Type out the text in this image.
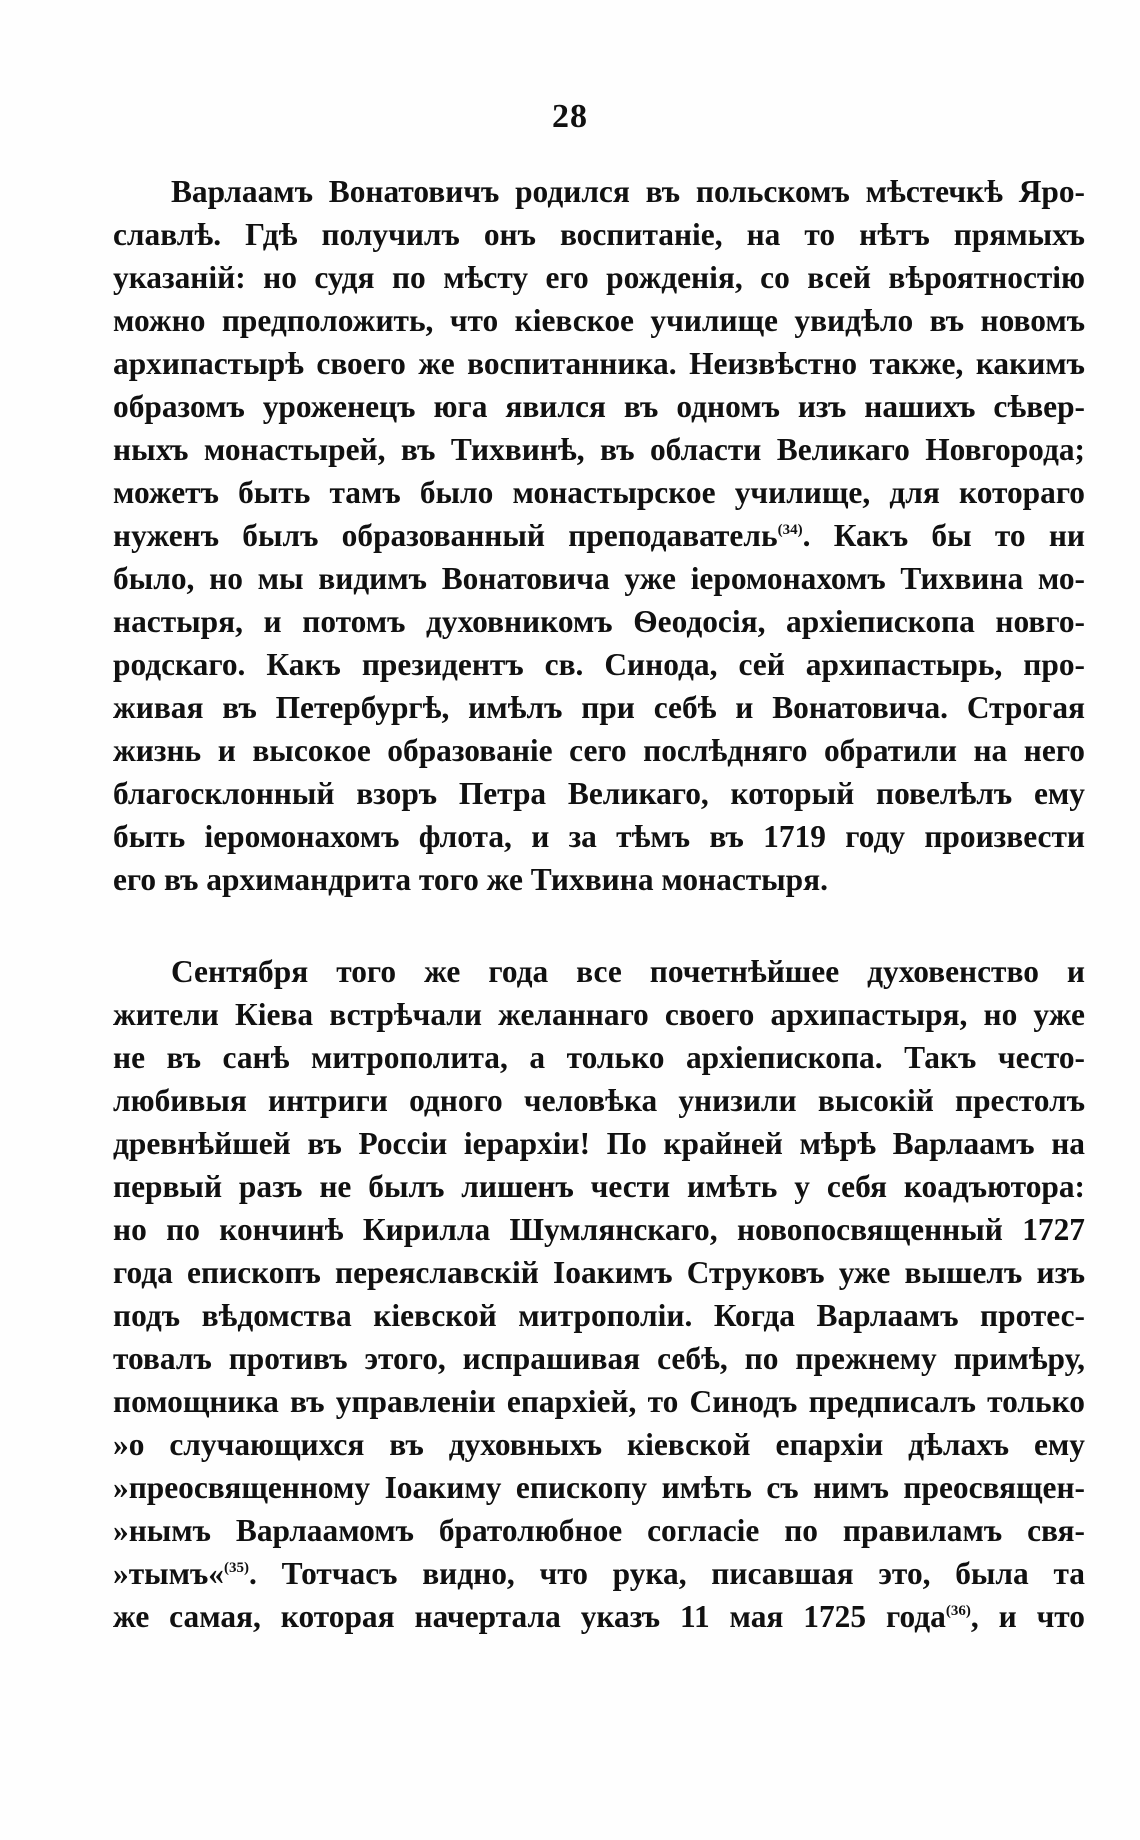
28
Варлаамъ Вонатовичъ родился въ польскомъ мѣстечкѣ Яро-
славлѣ. Гдѣ получилъ онъ воспитаніе, на то нѣтъ прямыхъ
указаній: но судя по мѣсту его рожденія, со всей вѣроятностію
можно предположить, что кіевское училище увидѣло въ новомъ
архипастырѣ своего же воспитанника. Неизвѣстно также, какимъ
образомъ уроженецъ юга явился въ одномъ изъ нашихъ сѣвер-
ныхъ монастырей, въ Тихвинѣ, въ области Великаго Новгорода;
можетъ быть тамъ было монастырское училище, для котораго
нуженъ былъ образованный преподаватель$^{(34)}$. Какъ бы то ни
было, но мы видимъ Вонатовича уже іеромонахомъ Тихвина мо-
настыря, и потомъ духовникомъ Ѳеодосія, архіепископа новго-
родскаго. Какъ президентъ св. Синода, сей архипастырь, про-
живая въ Петербургѣ, имѣлъ при себѣ и Вонатовича. Строгая
жизнь и высокое образованіе сего послѣдняго обратили на него
благосклонный взоръ Петра Великаго, который повелѣлъ ему
быть іеромонахомъ флота, и за тѣмъ въ 1719 году произвести
его въ архимандрита того же Тихвина монастыря.
Сентября того же года все почетнѣйшее духовенство и
жители Кіева встрѣчали желаннаго своего архипастыря, но уже
не въ санѣ митрополита, а только архіепископа. Такъ често-
любивыя интриги одного человѣка унизили высокій престолъ
древнѣйшей въ Россіи іерархіи! По крайней мѣрѣ Варлаамъ на
первый разъ не былъ лишенъ чести имѣть у себя коадъютора:
но по кончинѣ Кирилла Шумлянскаго, новопосвященный 1727
года епископъ переяславскій Іоакимъ Струковъ уже вышелъ изъ
подъ вѣдомства кіевской митрополіи. Когда Варлаамъ протес-
товалъ противъ этого, испрашивая себѣ, по прежнему примѣру,
помощника въ управленіи епархіей, то Синодъ предписалъ только
»о случающихся въ духовныхъ кіевской епархіи дѣлахъ ему
»преосвященному Іоакиму епископу имѣть съ нимъ преосвящен-
»нымъ Варлаамомъ братолюбное согласіе по правиламъ свя-
»тымъ«$^{(35)}$. Тотчасъ видно, что рука, писавшая это, была та
же самая, которая начертала указъ 11 мая 1725 года$^{(36)}$, и что
